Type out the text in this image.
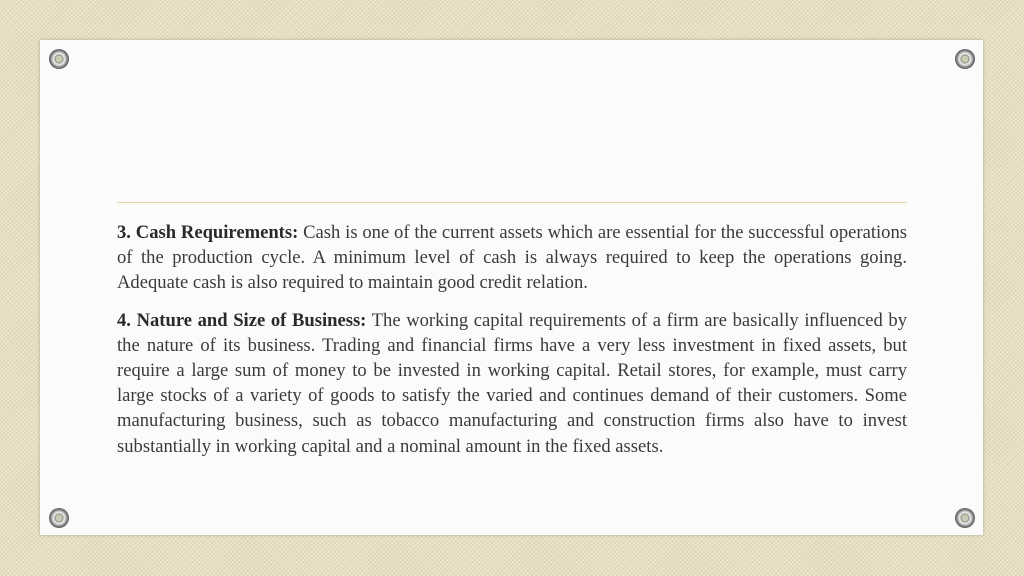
3. Cash Requirements: Cash is one of the current assets which are essential for the successful operations of the production cycle. A minimum level of cash is always required to keep the operations going. Adequate cash is also required to maintain good credit relation.

4. Nature and Size of Business: The working capital requirements of a firm are basically influenced by the nature of its business. Trading and financial firms have a very less investment in fixed assets, but require a large sum of money to be invested in working capital. Retail stores, for example, must carry large stocks of a variety of goods to satisfy the varied and continues demand of their customers. Some manufacturing business, such as tobacco manufacturing and construction firms also have to invest substantially in working capital and a nominal amount in the fixed assets.
